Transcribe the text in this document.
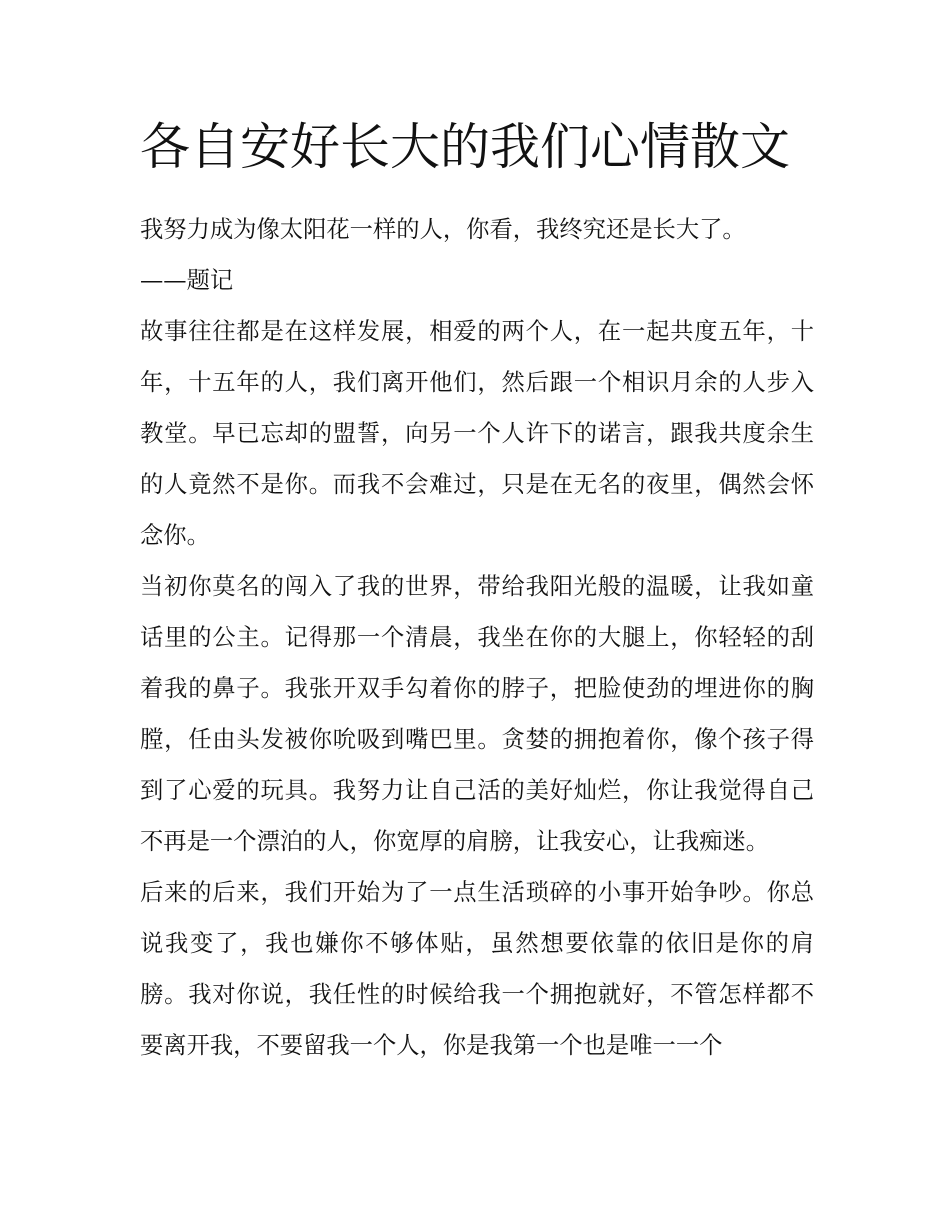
各自安好长大的我们心情散文

我努力成为像太阳花一样的人，你看，我终究还是长大了。

——题记

故事往往都是在这样发展，相爱的两个人，在一起共度五年，十年，十五年的人，我们离开他们，然后跟一个相识月余的人步入教堂。早已忘却的盟誓，向另一个人许下的诺言，跟我共度余生的人竟然不是你。而我不会难过，只是在无名的夜里，偶然会怀念你。

当初你莫名的闯入了我的世界，带给我阳光般的温暖，让我如童话里的公主。记得那一个清晨，我坐在你的大腿上，你轻轻的刮着我的鼻子。我张开双手勾着你的脖子，把脸使劲的埋进你的胸膛，任由头发被你吮吸到嘴巴里。贪婪的拥抱着你，像个孩子得到了心爱的玩具。我努力让自己活的美好灿烂，你让我觉得自己不再是一个漂泊的人，你宽厚的肩膀，让我安心，让我痴迷。

后来的后来，我们开始为了一点生活琐碎的小事开始争吵。你总说我变了，我也嫌你不够体贴，虽然想要依靠的依旧是你的肩膀。我对你说，我任性的时候给我一个拥抱就好，不管怎样都不要离开我，不要留我一个人，你是我第一个也是唯一一个
